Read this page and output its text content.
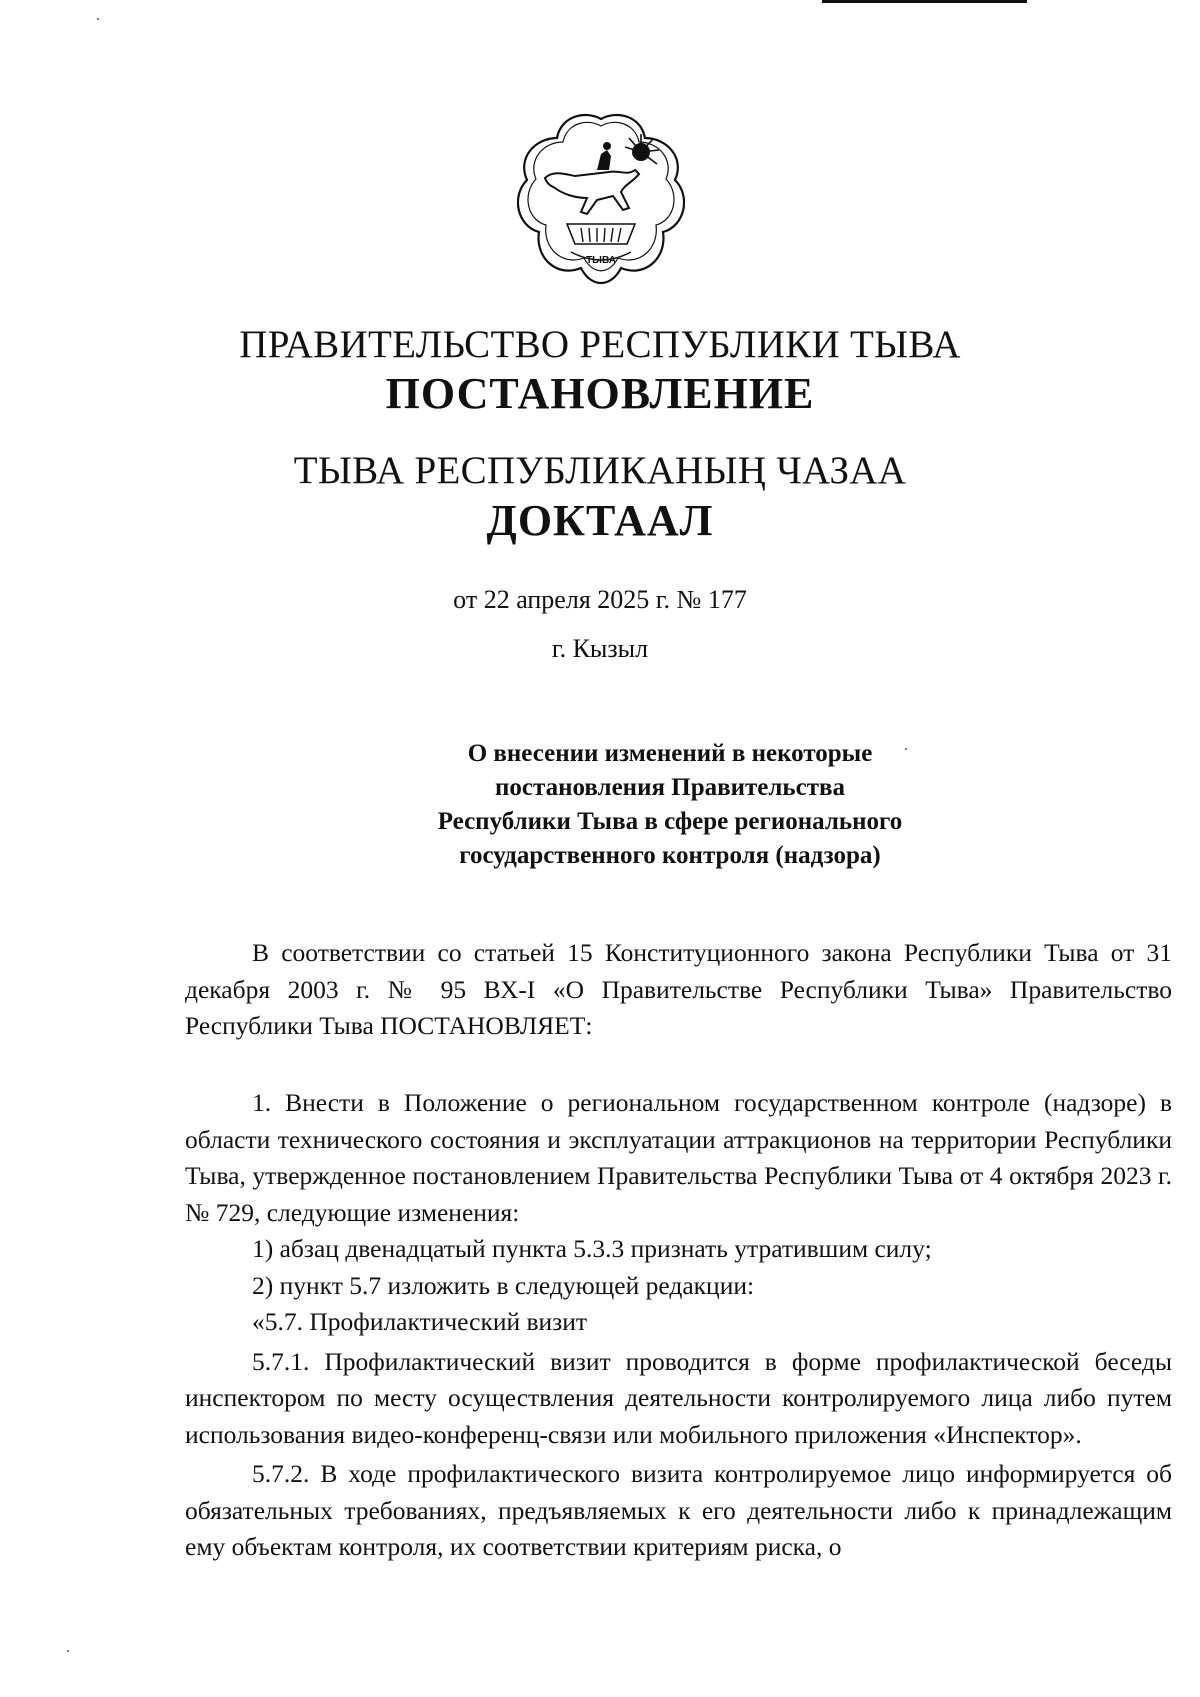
ТЫВА
ПРАВИТЕЛЬСТВО РЕСПУБЛИКИ ТЫВА
ПОСТАНОВЛЕНИЕ
ТЫВА РЕСПУБЛИКАНЫҢ ЧАЗАА
ДОКТААЛ
от 22 апреля 2025 г. № 177
г. Кызыл
О внесении изменений в некоторые
постановления Правительства
Республики Тыва в сфере регионального
государственного контроля (надзора)

В соответствии со статьей 15 Конституционного закона Республики Тыва от 31 декабря 2003 г. № 95 ВХ-I «О Правительстве Республики Тыва» Правительство Республики Тыва ПОСТАНОВЛЯЕТ:

1. Внести в Положение о региональном государственном контроле (надзоре) в области технического состояния и эксплуатации аттракционов на территории Республики Тыва, утвержденное постановлением Правительства Республики Тыва от 4 октября 2023 г. № 729, следующие изменения:

1) абзац двенадцатый пункта 5.3.3 признать утратившим силу;

2) пункт 5.7 изложить в следующей редакции:

«5.7. Профилактический визит

5.7.1. Профилактический визит проводится в форме профилактической беседы инспектором по месту осуществления деятельности контролируемого лица либо путем использования видео-конференц-связи или мобильного приложения «Инспектор».

5.7.2. В ходе профилактического визита контролируемое лицо информируется об обязательных требованиях, предъявляемых к его деятельности либо к принадлежащим ему объектам контроля, их соответствии критериям риска, о
